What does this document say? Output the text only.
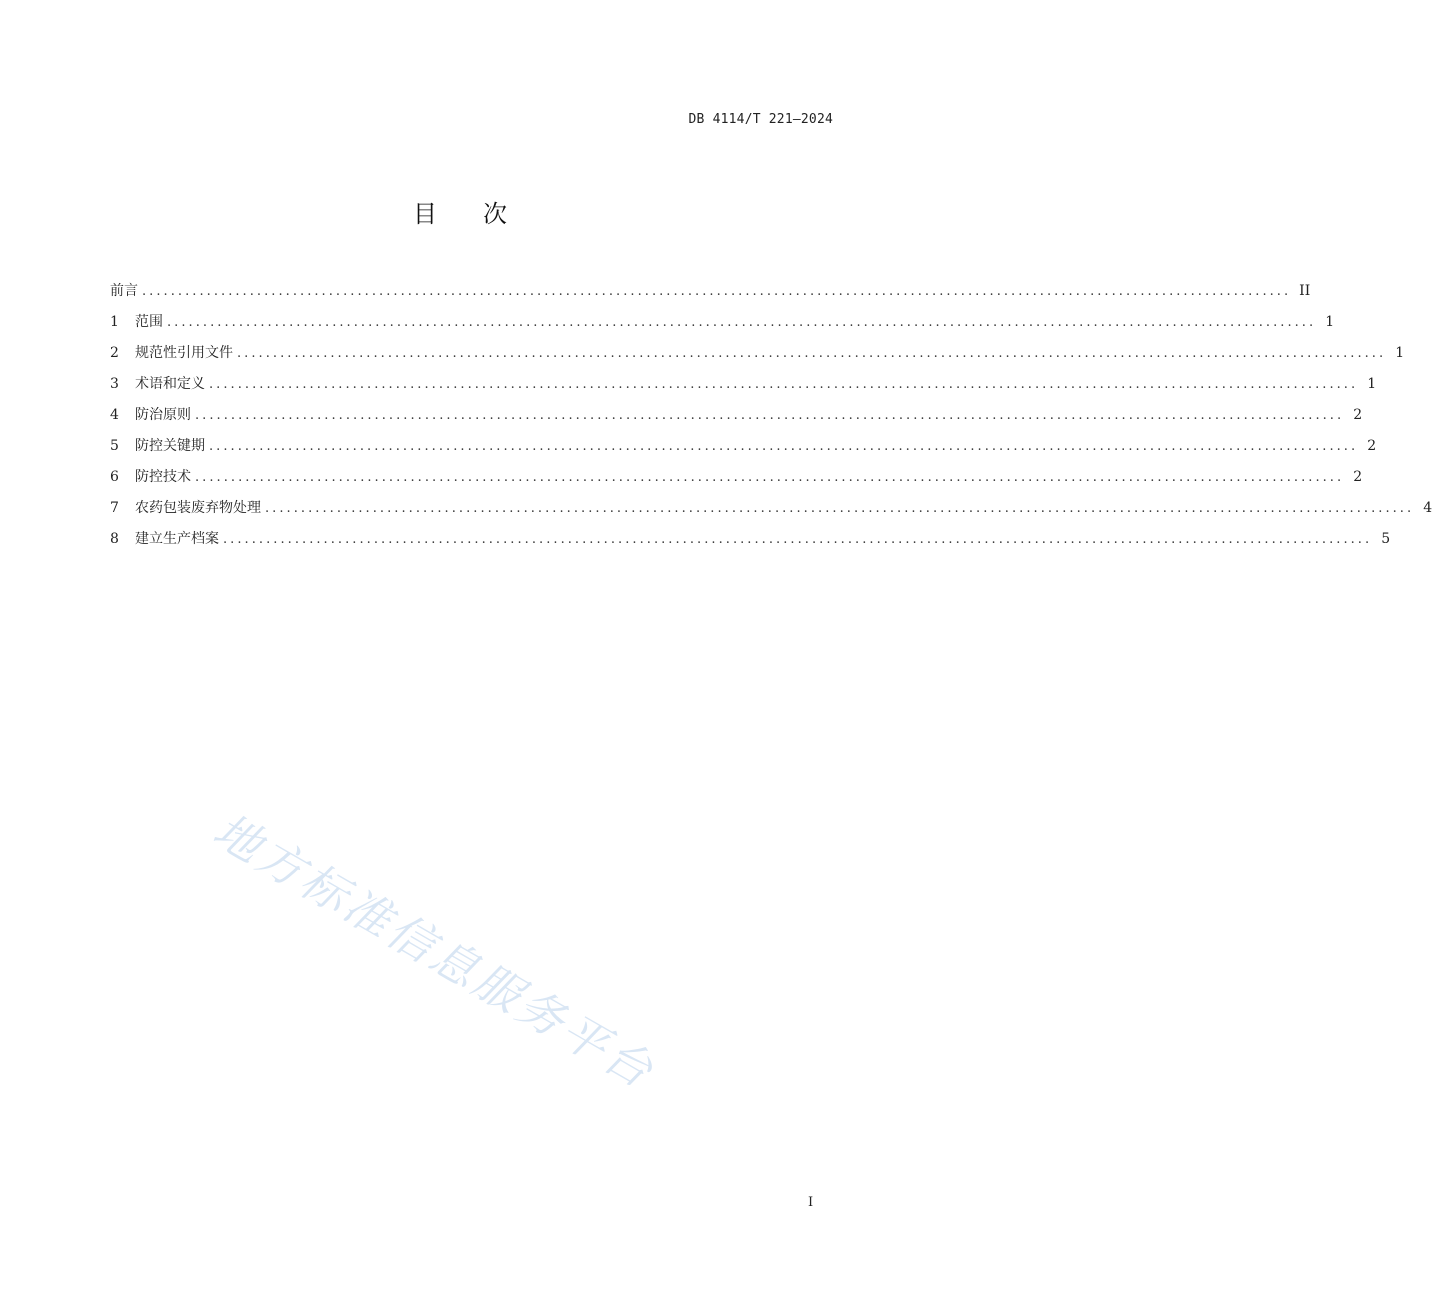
DB 4114/T 221—2024
目次
前言 ................................................................................................................................................................ II
1	范围 ................................................................................................................................................................ 1
2	规范性引用文件 ................................................................................................................................................................ 1
3	术语和定义 ................................................................................................................................................................ 1
4	防治原则 ................................................................................................................................................................ 2
5	防控关键期 ................................................................................................................................................................ 2
6	防控技术 ................................................................................................................................................................ 2
7	农药包装废弃物处理 ................................................................................................................................................................ 4
8	建立生产档案 ................................................................................................................................................................ 5
地方标准信息服务平台
I
